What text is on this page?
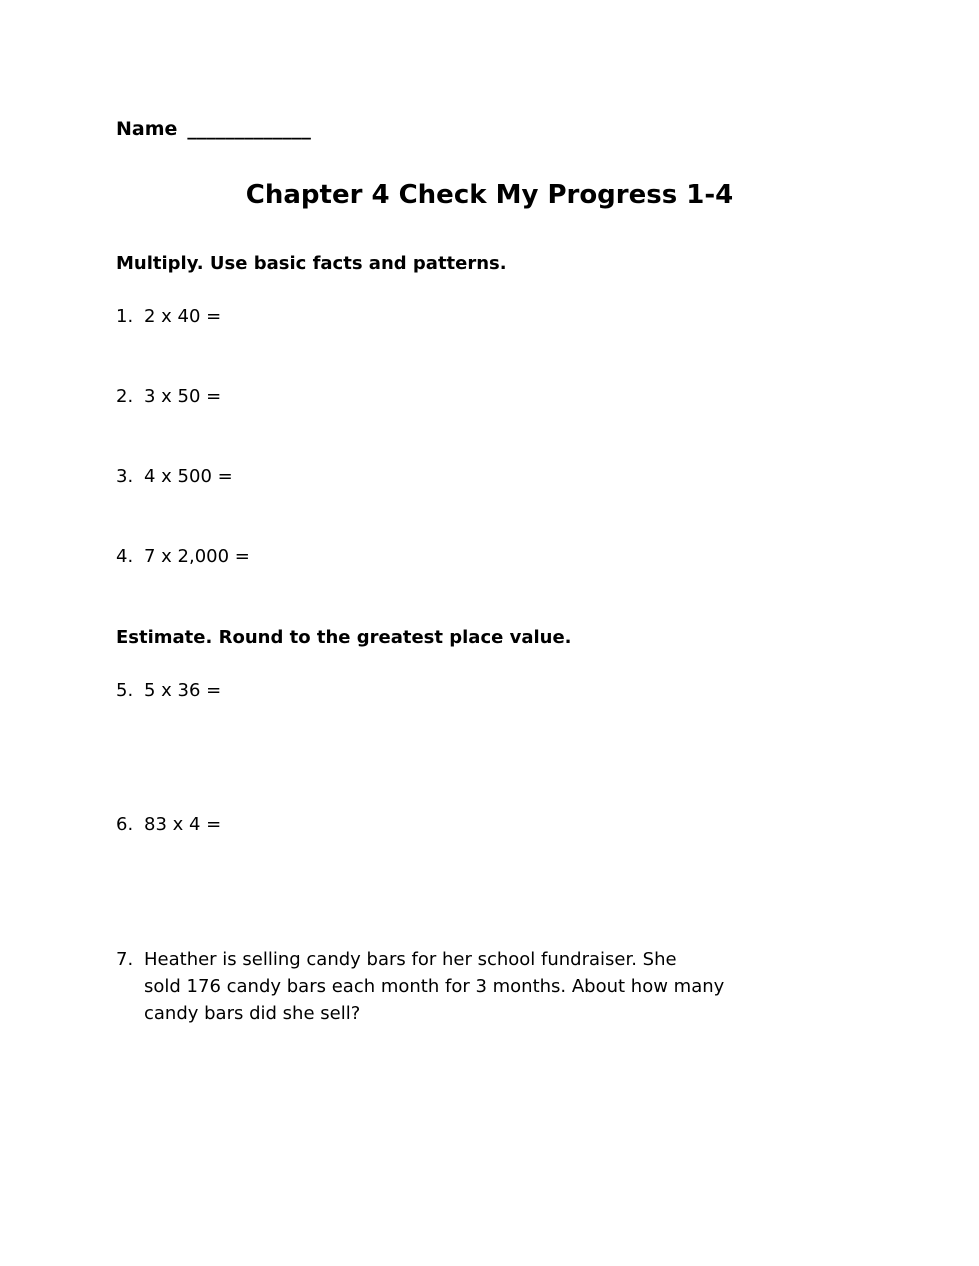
Name _____________
Chapter 4 Check My Progress 1-4
Multiply. Use basic facts and patterns.
1. 2 x 40 =
2. 3 x 50 =
3. 4 x 500 =
4. 7 x 2,000 =
Estimate. Round to the greatest place value.
5. 5 x 36 =
6. 83 x 4 =
7. Heather is selling candy bars for her school fundraiser. She
sold 176 candy bars each month for 3 months. About how many
candy bars did she sell?
